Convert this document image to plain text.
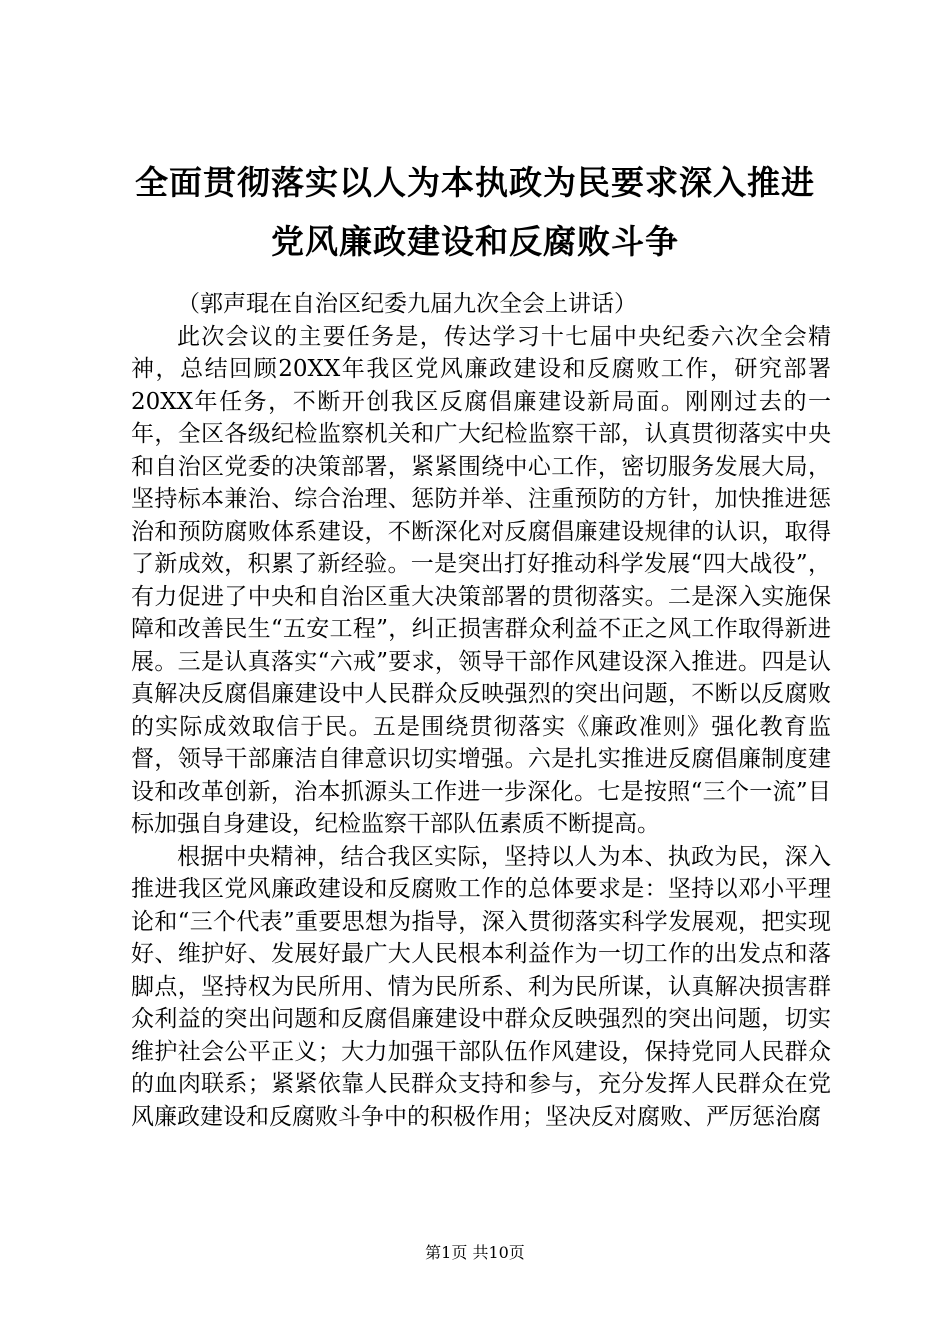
全面贯彻落实以人为本执政为民要求深入推进
党风廉政建设和反腐败斗争

（郭声琨在自治区纪委九届九次全会上讲话）

此次会议的主要任务是，传达学习十七届中央纪委六次全会精神，总结回顾20XX年我区党风廉政建设和反腐败工作，研究部署20XX年任务，不断开创我区反腐倡廉建设新局面。刚刚过去的一年，全区各级纪检监察机关和广大纪检监察干部，认真贯彻落实中央和自治区党委的决策部署，紧紧围绕中心工作，密切服务发展大局，坚持标本兼治、综合治理、惩防并举、注重预防的方针，加快推进惩治和预防腐败体系建设，不断深化对反腐倡廉建设规律的认识，取得了新成效，积累了新经验。一是突出打好推动科学发展“四大战役”，有力促进了中央和自治区重大决策部署的贯彻落实。二是深入实施保障和改善民生“五安工程”，纠正损害群众利益不正之风工作取得新进展。三是认真落实“六戒”要求，领导干部作风建设深入推进。四是认真解决反腐倡廉建设中人民群众反映强烈的突出问题，不断以反腐败的实际成效取信于民。五是围绕贯彻落实《廉政准则》强化教育监督，领导干部廉洁自律意识切实增强。六是扎实推进反腐倡廉制度建设和改革创新，治本抓源头工作进一步深化。七是按照“三个一流”目标加强自身建设，纪检监察干部队伍素质不断提高。

根据中央精神，结合我区实际，坚持以人为本、执政为民，深入推进我区党风廉政建设和反腐败工作的总体要求是：坚持以邓小平理论和“三个代表”重要思想为指导，深入贯彻落实科学发展观，把实现好、维护好、发展好最广大人民根本利益作为一切工作的出发点和落脚点，坚持权为民所用、情为民所系、利为民所谋，认真解决损害群众利益的突出问题和反腐倡廉建设中群众反映强烈的突出问题，切实维护社会公平正义；大力加强干部队伍作风建设，保持党同人民群众的血肉联系；紧紧依靠人民群众支持和参与，充分发挥人民群众在党风廉政建设和反腐败斗争中的积极作用；坚决反对腐败、严厉惩治腐

第1页 共10页
